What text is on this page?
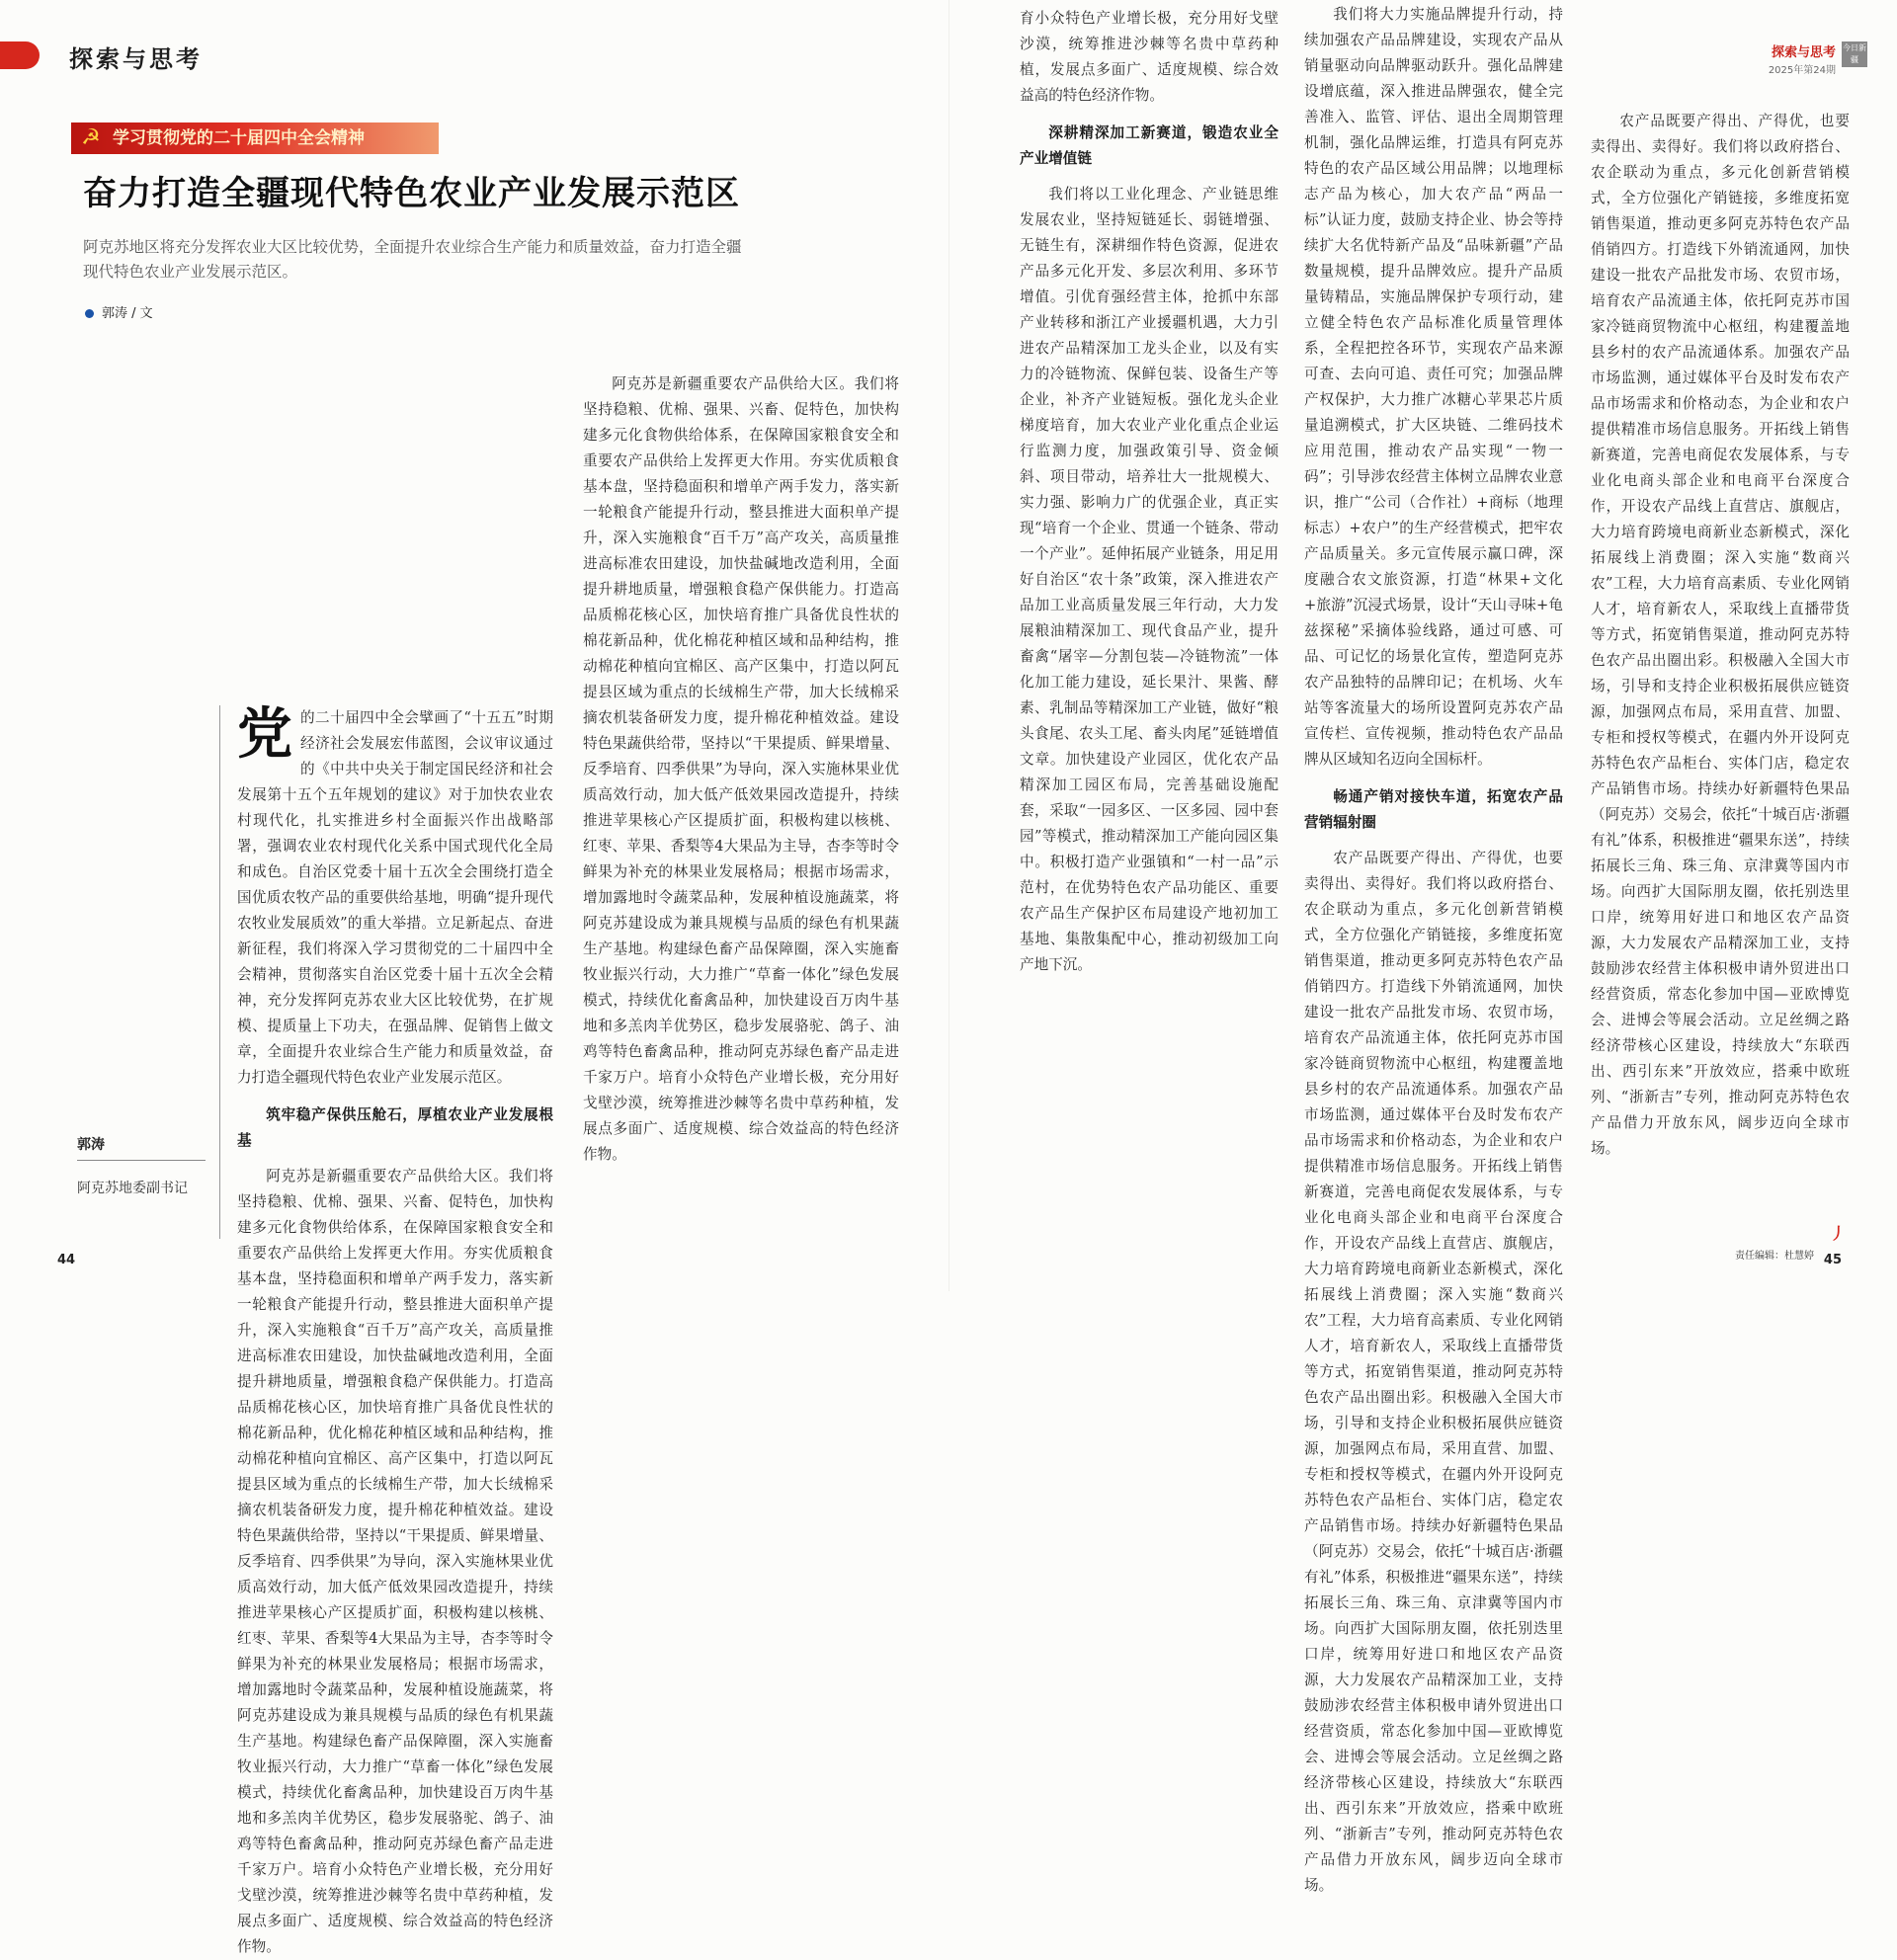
探索与思考	探索与思考
2025年第24期
今日新疆
☭ 学习贯彻党的二十届四中全会精神
奋力打造全疆现代特色农业产业发展示范区
阿克苏地区将充分发挥农业大区比较优势，全面提升农业综合生产能力和质量效益，奋力打造全疆现代特色农业产业发展示范区。
郭涛 / 文
郭涛
阿克苏地委副书记
党 的二十届四中全会擘画了“十五五”时期经济社会发展宏伟蓝图，会议审议通过的《中共中央关于制定国民经济和社会发展第十五个五年规划的建议》对于加快农业农村现代化，扎实推进乡村全面振兴作出战略部署，强调农业农村现代化关系中国式现代化全局和成色。自治区党委十届十五次全会围绕打造全国优质农牧产品的重要供给基地，明确“提升现代农牧业发展质效”的重大举措。立足新起点、奋进新征程，我们将深入学习贯彻党的二十届四中全会精神，贯彻落实自治区党委十届十五次全会精神，充分发挥阿克苏农业大区比较优势，在扩规模、提质量上下功夫，在强品牌、促销售上做文章，全面提升农业综合生产能力和质量效益，奋力打造全疆现代特色农业产业发展示范区。

筑牢稳产保供压舱石，厚植农业产业发展根基

阿克苏是新疆重要农产品供给大区。我们将坚持稳粮、优棉、强果、兴畜、促特色，加快构建多元化食物供给体系，在保障国家粮食安全和重要农产品供给上发挥更大作用。夯实优质粮食基本盘，坚持稳面积和增单产两手发力，落实新一轮粮食产能提升行动，整县推进大面积单产提升，深入实施粮食“百千万”高产攻关，高质量推进高标准农田建设，加快盐碱地改造利用，全面提升耕地质量，增强粮食稳产保供能力。打造高品质棉花核心区，加快培育推广具备优良性状的棉花新品种，优化棉花种植区域和品种结构，推动棉花种植向宜棉区、高产区集中，打造以阿瓦提县区域为重点的长绒棉生产带，加大长绒棉采摘农机装备研发力度，提升棉花种植效益。建设特色果蔬供给带，坚持以“干果提质、鲜果增量、反季培育、四季供果”为导向，深入实施林果业优质高效行动，加大低产低效果园改造提升，持续推进苹果核心产区提质扩面，积极构建以核桃、红枣、苹果、香梨等4大果品为主导，杏李等时令鲜果为补充的林果业发展格局；根据市场需求，增加露地时令蔬菜品种，发展种植设施蔬菜，将阿克苏建设成为兼具规模与品质的绿色有机果蔬生产基地。构建绿色畜产品保障圈，深入实施畜牧业振兴行动，大力推广“草畜一体化”绿色发展模式，持续优化畜禽品种，加快建设百万肉牛基地和多羔肉羊优势区，稳步发展骆驼、鸽子、油鸡等特色畜禽品种，推动阿克苏绿色畜产品走进千家万户。培育小众特色产业增长极，充分用好戈壁沙漠，统筹推进沙棘等名贵中草药种植，发展点多面广、适度规模、综合效益高的特色经济作物。

阿克苏是新疆重要农产品供给大区。我们将坚持稳粮、优棉、强果、兴畜、促特色，加快构建多元化食物供给体系，在保障国家粮食安全和重要农产品供给上发挥更大作用。夯实优质粮食基本盘，坚持稳面积和增单产两手发力，落实新一轮粮食产能提升行动，整县推进大面积单产提升，深入实施粮食“百千万”高产攻关，高质量推进高标准农田建设，加快盐碱地改造利用，全面提升耕地质量，增强粮食稳产保供能力。打造高品质棉花核心区，加快培育推广具备优良性状的棉花新品种，优化棉花种植区域和品种结构，推动棉花种植向宜棉区、高产区集中，打造以阿瓦提县区域为重点的长绒棉生产带，加大长绒棉采摘农机装备研发力度，提升棉花种植效益。建设特色果蔬供给带，坚持以“干果提质、鲜果增量、反季培育、四季供果”为导向，深入实施林果业优质高效行动，加大低产低效果园改造提升，持续推进苹果核心产区提质扩面，积极构建以核桃、红枣、苹果、香梨等4大果品为主导，杏李等时令鲜果为补充的林果业发展格局；根据市场需求，增加露地时令蔬菜品种，发展种植设施蔬菜，将阿克苏建设成为兼具规模与品质的绿色有机果蔬生产基地。构建绿色畜产品保障圈，深入实施畜牧业振兴行动，大力推广“草畜一体化”绿色发展模式，持续优化畜禽品种，加快建设百万肉牛基地和多羔肉羊优势区，稳步发展骆驼、鸽子、油鸡等特色畜禽品种，推动阿克苏绿色畜产品走进千家万户。培育小众特色产业增长极，充分用好戈壁沙漠，统筹推进沙棘等名贵中草药种植，发展点多面广、适度规模、综合效益高的特色经济作物。

育小众特色产业增长极，充分用好戈壁沙漠，统筹推进沙棘等名贵中草药种植，发展点多面广、适度规模、综合效益高的特色经济作物。

深耕精深加工新赛道，锻造农业全产业增值链

我们将以工业化理念、产业链思维发展农业，坚持短链延长、弱链增强、无链生有，深耕细作特色资源，促进农产品多元化开发、多层次利用、多环节增值。引优育强经营主体，抢抓中东部产业转移和浙江产业援疆机遇，大力引进农产品精深加工龙头企业，以及有实力的冷链物流、保鲜包装、设备生产等企业，补齐产业链短板。强化龙头企业梯度培育，加大农业产业化重点企业运行监测力度，加强政策引导、资金倾斜、项目带动，培养壮大一批规模大、实力强、影响力广的优强企业，真正实现“培育一个企业、贯通一个链条、带动一个产业”。延伸拓展产业链条，用足用好自治区“农十条”政策，深入推进农产品加工业高质量发展三年行动，大力发展粮油精深加工、现代食品产业，提升畜禽“屠宰—分割包装—冷链物流”一体化加工能力建设，延长果汁、果酱、酵素、乳制品等精深加工产业链，做好“粮头食尾、农头工尾、畜头肉尾”延链增值文章。加快建设产业园区，优化农产品精深加工园区布局，完善基础设施配套，采取“一园多区、一区多园、园中套园”等模式，推动精深加工产能向园区集中。积极打造产业强镇和“一村一品”示范村，在优势特色农产品功能区、重要农产品生产保护区布局建设产地初加工基地、集散集配中心，推动初级加工向产地下沉。

我们将大力实施品牌提升行动，持续加强农产品品牌建设，实现农产品从销量驱动向品牌驱动跃升。强化品牌建设增底蕴，深入推进品牌强农，健全完善准入、监管、评估、退出全周期管理机制，强化品牌运维，打造具有阿克苏特色的农产品区域公用品牌；以地理标志产品为核心，加大农产品“两品一标”认证力度，鼓励支持企业、协会等持续扩大名优特新产品及“品味新疆”产品数量规模，提升品牌效应。提升产品质量铸精品，实施品牌保护专项行动，建立健全特色农产品标准化质量管理体系，全程把控各环节，实现农产品来源可查、去向可追、责任可究；加强品牌产权保护，大力推广冰糖心苹果芯片质量追溯模式，扩大区块链、二维码技术应用范围，推动农产品实现“一物一码”；引导涉农经营主体树立品牌农业意识，推广“公司（合作社）+商标（地理标志）+农户”的生产经营模式，把牢农产品质量关。多元宣传展示赢口碑，深度融合农文旅资源，打造“林果+文化+旅游”沉浸式场景，设计“天山寻味+龟兹探秘”采摘体验线路，通过可感、可品、可记忆的场景化宣传，塑造阿克苏农产品独特的品牌印记；在机场、火车站等客流量大的场所设置阿克苏农产品宣传栏、宣传视频，推动特色农产品品牌从区域知名迈向全国标杆。

畅通产销对接快车道，拓宽农产品营销辐射圈

农产品既要产得出、产得优，也要卖得出、卖得好。我们将以政府搭台、农企联动为重点，多元化创新营销模式，全方位强化产销链接，多维度拓宽销售渠道，推动更多阿克苏特色农产品俏销四方。打造线下外销流通网，加快建设一批农产品批发市场、农贸市场，培育农产品流通主体，依托阿克苏市国家冷链商贸物流中心枢纽，构建覆盖地县乡村的农产品流通体系。加强农产品市场监测，通过媒体平台及时发布农产品市场需求和价格动态，为企业和农户提供精准市场信息服务。开拓线上销售新赛道，完善电商促农发展体系，与专业化电商头部企业和电商平台深度合作，开设农产品线上直营店、旗舰店，大力培育跨境电商新业态新模式，深化拓展线上消费圈；深入实施“数商兴农”工程，大力培育高素质、专业化网销人才，培育新农人，采取线上直播带货等方式，拓宽销售渠道，推动阿克苏特色农产品出圈出彩。积极融入全国大市场，引导和支持企业积极拓展供应链资源，加强网点布局，采用直营、加盟、专柜和授权等模式，在疆内外开设阿克苏特色农产品柜台、实体门店，稳定农产品销售市场。持续办好新疆特色果品（阿克苏）交易会，依托“十城百店·浙疆有礼”体系，积极推进“疆果东送”，持续拓展长三角、珠三角、京津冀等国内市场。向西扩大国际朋友圈，依托别迭里口岸，统筹用好进口和地区农产品资源，大力发展农产品精深加工业，支持鼓励涉农经营主体积极申请外贸进出口经营资质，常态化参加中国—亚欧博览会、进博会等展会活动。立足丝绸之路经济带核心区建设，持续放大“东联西出、西引东来”开放效应，搭乘中欧班列、“浙新吉”专列，推动阿克苏特色农产品借力开放东风，阔步迈向全球市场。

农产品既要产得出、产得优，也要卖得出、卖得好。我们将以政府搭台、农企联动为重点，多元化创新营销模式，全方位强化产销链接，多维度拓宽销售渠道，推动更多阿克苏特色农产品俏销四方。打造线下外销流通网，加快建设一批农产品批发市场、农贸市场，培育农产品流通主体，依托阿克苏市国家冷链商贸物流中心枢纽，构建覆盖地县乡村的农产品流通体系。加强农产品市场监测，通过媒体平台及时发布农产品市场需求和价格动态，为企业和农户提供精准市场信息服务。开拓线上销售新赛道，完善电商促农发展体系，与专业化电商头部企业和电商平台深度合作，开设农产品线上直营店、旗舰店，大力培育跨境电商新业态新模式，深化拓展线上消费圈；深入实施“数商兴农”工程，大力培育高素质、专业化网销人才，培育新农人，采取线上直播带货等方式，拓宽销售渠道，推动阿克苏特色农产品出圈出彩。积极融入全国大市场，引导和支持企业积极拓展供应链资源，加强网点布局，采用直营、加盟、专柜和授权等模式，在疆内外开设阿克苏特色农产品柜台、实体门店，稳定农产品销售市场。持续办好新疆特色果品（阿克苏）交易会，依托“十城百店·浙疆有礼”体系，积极推进“疆果东送”，持续拓展长三角、珠三角、京津冀等国内市场。向西扩大国际朋友圈，依托别迭里口岸，统筹用好进口和地区农产品资源，大力发展农产品精深加工业，支持鼓励涉农经营主体积极申请外贸进出口经营资质，常态化参加中国—亚欧博览会、进博会等展会活动。立足丝绸之路经济带核心区建设，持续放大“东联西出、西引东来”开放效应，搭乘中欧班列、“浙新吉”专列，推动阿克苏特色农产品借力开放东风，阔步迈向全球市场。

丿
44	45
责任编辑：杜慧婷
